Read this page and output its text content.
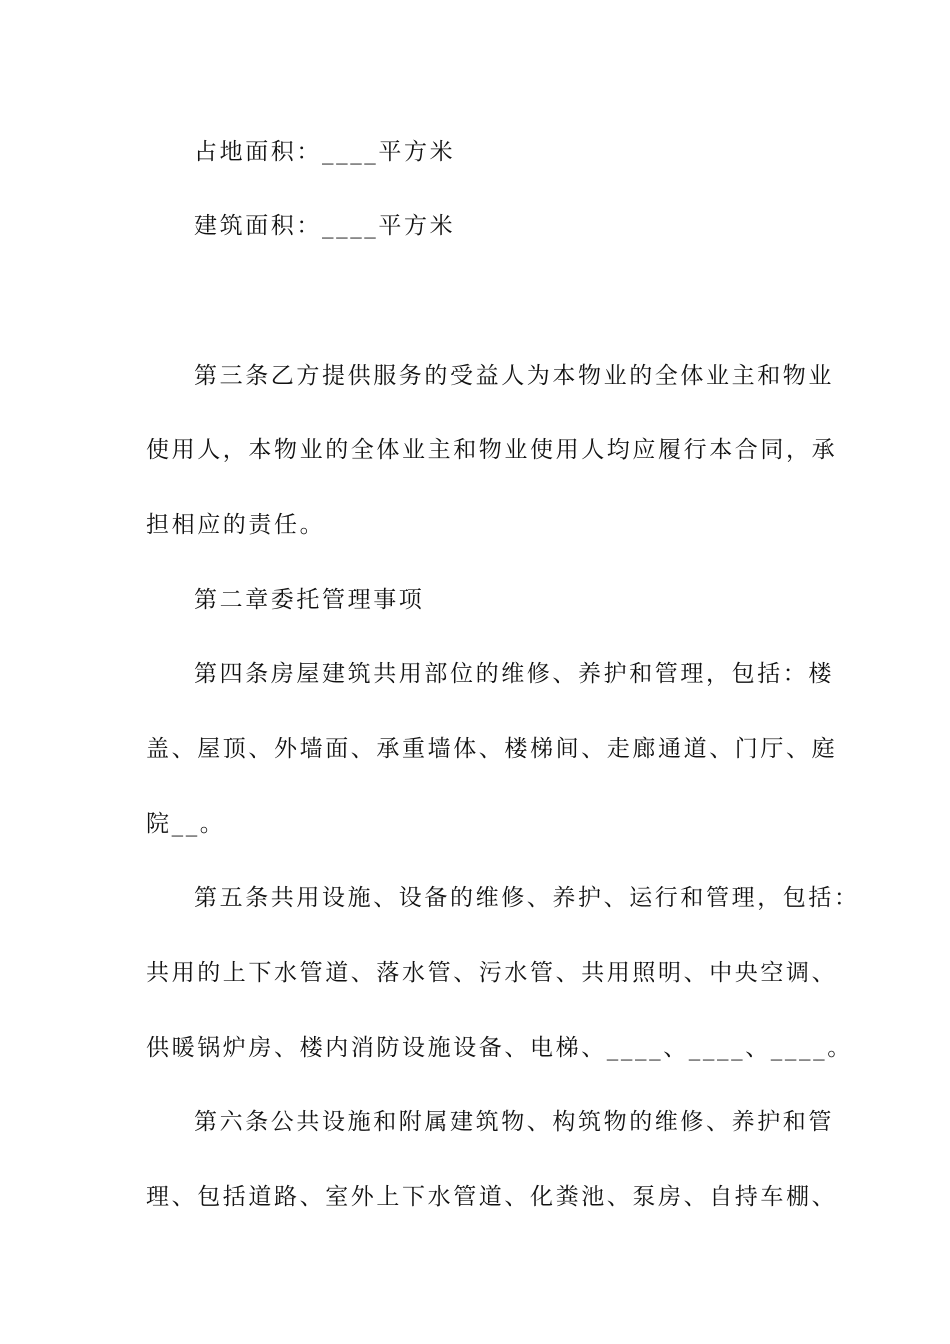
占地面积：____平方米
建筑面积：____平方米
第三条乙方提供服务的受益人为本物业的全体业主和物业
使用人，本物业的全体业主和物业使用人均应履行本合同，承
担相应的责任。
第二章委托管理事项
第四条房屋建筑共用部位的维修、养护和管理，包括：楼
盖、屋顶、外墙面、承重墙体、楼梯间、走廊通道、门厅、庭
院__。
第五条共用设施、设备的维修、养护、运行和管理，包括：
共用的上下水管道、落水管、污水管、共用照明、中央空调、
供暖锅炉房、楼内消防设施设备、电梯、____、____、____。
第六条公共设施和附属建筑物、构筑物的维修、养护和管
理、包括道路、室外上下水管道、化粪池、泵房、自持车棚、
